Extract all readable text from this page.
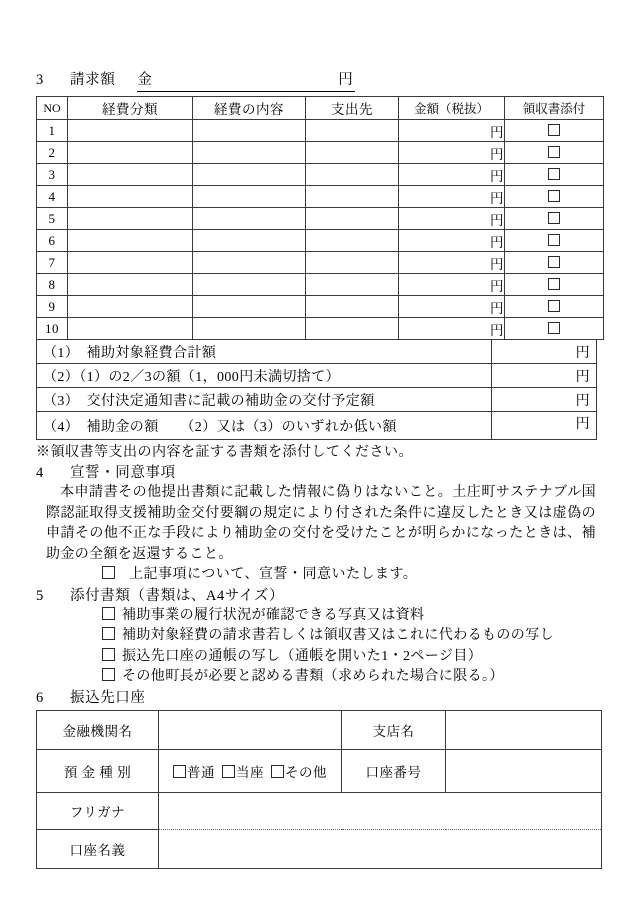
3	請求額 金	円
NO	経費分類	経費の内容	支出先	金額（税抜）	領収書添付
1				円	
2				円	
3				円	
4				円	
5				円	
6				円	
7				円	
8				円	
9				円	
10				円	
（1）　補助対象経費合計額	円
（2）（1）の2／3の額（1，000円未満切捨て）	円
（3）　交付決定通知書に記載の補助金の交付予定額	円
（4）　補助金の額　　（2）又は（3）のいずれか低い額	円

※領収書等支出の内容を証する書類を添付してください。

4	宣誓・同意事項

本申請書その他提出書類に記載した情報に偽りはないこと。土庄町サステナブル国際認証取得支援補助金交付要綱の規定により付された条件に違反したとき又は虚偽の申請その他不正な手段により補助金の交付を受けたことが明らかになったときは、補助金の全額を返還すること。

上記事項について、宣誓・同意いたします。

5	添付書類（書類は、A4サイズ）

補助事業の履行状況が確認できる写真又は資料

補助対象経費の請求書若しくは領収書又はこれに代わるものの写し

振込先口座の通帳の写し（通帳を開いた1・2ページ目）

その他町長が必要と認める書類（求められた場合に限る。）

6	振込先口座
金融機関名		支店名	
預 金 種 別	普通 当座 その他	口座番号	
フリガナ			
口座名義			
